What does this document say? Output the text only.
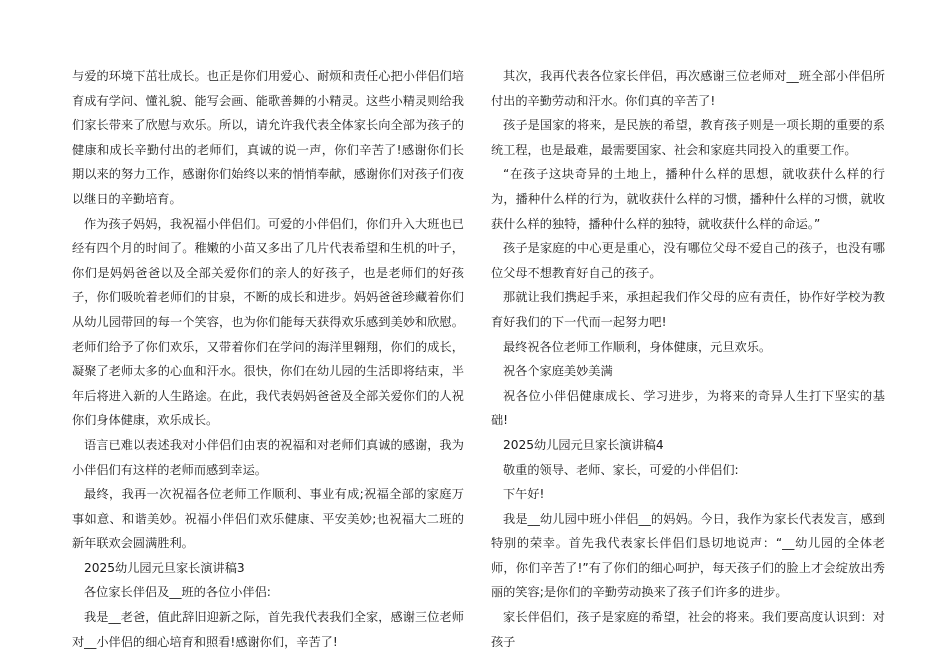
与爱的环境下茁壮成长。也正是你们用爱心、耐烦和责任心把小伴侣们培育成有学问、懂礼貌、能写会画、能歌善舞的小精灵。这些小精灵则给我们家长带来了欣慰与欢乐。所以，请允许我代表全体家长向全部为孩子的健康和成长辛勤付出的老师们，真诚的说一声，你们辛苦了!感谢你们长期以来的努力工作，感谢你们始终以来的悄悄奉献，感谢你们对孩子们夜以继日的辛勤培育。

作为孩子妈妈，我祝福小伴侣们。可爱的小伴侣们，你们升入大班也已经有四个月的时间了。稚嫩的小苗又多出了几片代表希望和生机的叶子，你们是妈妈爸爸以及全部关爱你们的亲人的好孩子，也是老师们的好孩子，你们吸吮着老师们的甘泉，不断的成长和进步。妈妈爸爸珍藏着你们从幼儿园带回的每一个笑容，也为你们能每天获得欢乐感到美妙和欣慰。老师们给予了你们欢乐，又带着你们在学问的海洋里翱翔，你们的成长，凝聚了老师太多的心血和汗水。很快，你们在幼儿园的生活即将结束，半年后将进入新的人生路途。在此，我代表妈妈爸爸及全部关爱你们的人祝你们身体健康，欢乐成长。

语言已难以表述我对小伴侣们由衷的祝福和对老师们真诚的感谢，我为小伴侣们有这样的老师而感到幸运。

最终，我再一次祝福各位老师工作顺利、事业有成;祝福全部的家庭万事如意、和谐美妙。祝福小伴侣们欢乐健康、平安美妙;也祝福大二班的新年联欢会圆满胜利。

2025幼儿园元旦家长演讲稿3

各位家长伴侣及__班的各位小伴侣:

我是__老爸，值此辞旧迎新之际，首先我代表我们全家，感谢三位老师对__小伴侣的细心培育和照看!感谢你们，辛苦了!

其次，我再代表各位家长伴侣，再次感谢三位老师对__班全部小伴侣所付出的辛勤劳动和汗水。你们真的辛苦了!

孩子是国家的将来，是民族的希望，教育孩子则是一项长期的重要的系统工程，也是最难，最需要国家、社会和家庭共同投入的重要工作。

“在孩子这块奇异的土地上，播种什么样的思想，就收获什么样的行为，播种什么样的行为，就收获什么样的习惯，播种什么样的习惯，就收获什么样的独特，播种什么样的独特，就收获什么样的命运。”

孩子是家庭的中心更是重心，没有哪位父母不爱自己的孩子，也没有哪位父母不想教育好自己的孩子。

那就让我们携起手来，承担起我们作父母的应有责任，协作好学校为教育好我们的下一代而一起努力吧!

最终祝各位老师工作顺利，身体健康，元旦欢乐。

祝各个家庭美妙美满

祝各位小伴侣健康成长、学习进步，为将来的奇异人生打下坚实的基础!

2025幼儿园元旦家长演讲稿4

敬重的领导、老师、家长，可爱的小伴侣们:

下午好!

我是__幼儿园中班小伴侣__的妈妈。今日，我作为家长代表发言，感到特别的荣幸。首先我代表家长伴侣们恳切地说声：“__幼儿园的全体老师，你们辛苦了!”有了你们的细心呵护，每天孩子们的脸上才会绽放出秀丽的笑容;是你们的辛勤劳动换来了孩子们许多的进步。

家长伴侣们，孩子是家庭的希望，社会的将来。我们要高度认识到：对孩子
